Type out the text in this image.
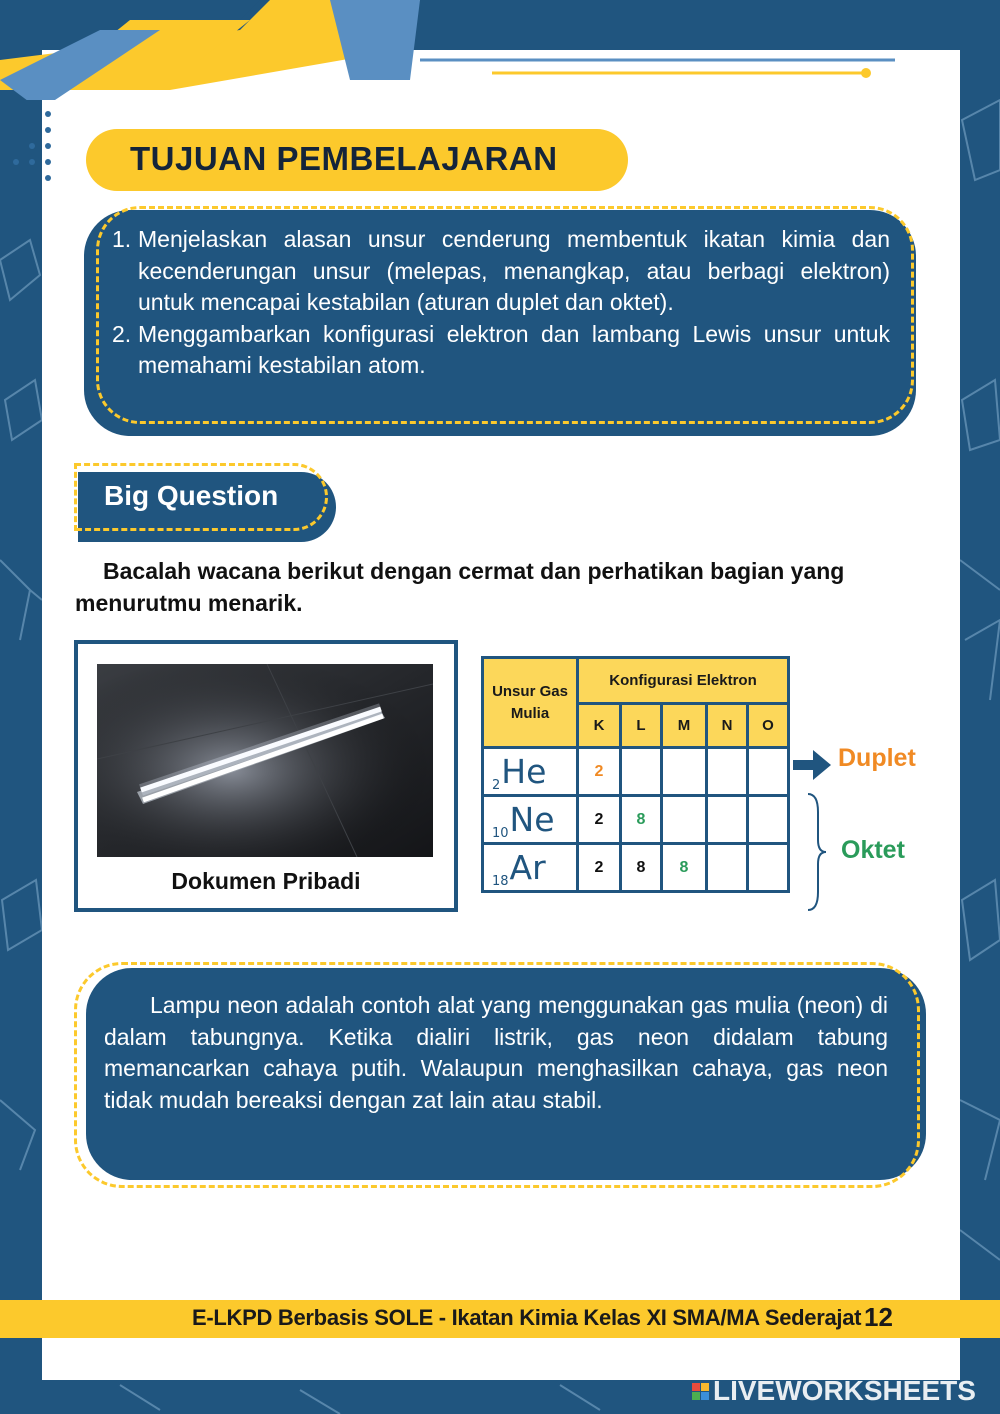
TUJUAN PEMBELAJARAN
1. Menjelaskan alasan unsur cenderung membentuk ikatan kimia dan kecenderungan unsur (melepas, menangkap, atau berbagi elektron) untuk mencapai kestabilan (aturan duplet dan oktet).
2. Menggambarkan konfigurasi elektron dan lambang Lewis unsur untuk memahami kestabilan atom.
Big Question
Bacalah wacana berikut dengan cermat dan perhatikan bagian yang menurutmu menarik.
Dokumen Pribadi
Unsur Gas Mulia	Konfigurasi Elektron				
	K	L	M	N	O
$_2$He	2				
$_{10}$Ne	2	8			
$_{18}$Ar	2	8	8		
Duplet
Oktet

Lampu neon adalah contoh alat yang menggunakan gas mulia (neon) di dalam tabungnya. Ketika dialiri listrik, gas neon didalam tabung memancarkan cahaya putih. Walaupun menghasilkan cahaya, gas neon tidak mudah bereaksi dengan zat lain atau stabil.

E-LKPD Berbasis SOLE - Ikatan Kimia Kelas XI SMA/MA Sederajat 12
LIVEWORKSHEETS
